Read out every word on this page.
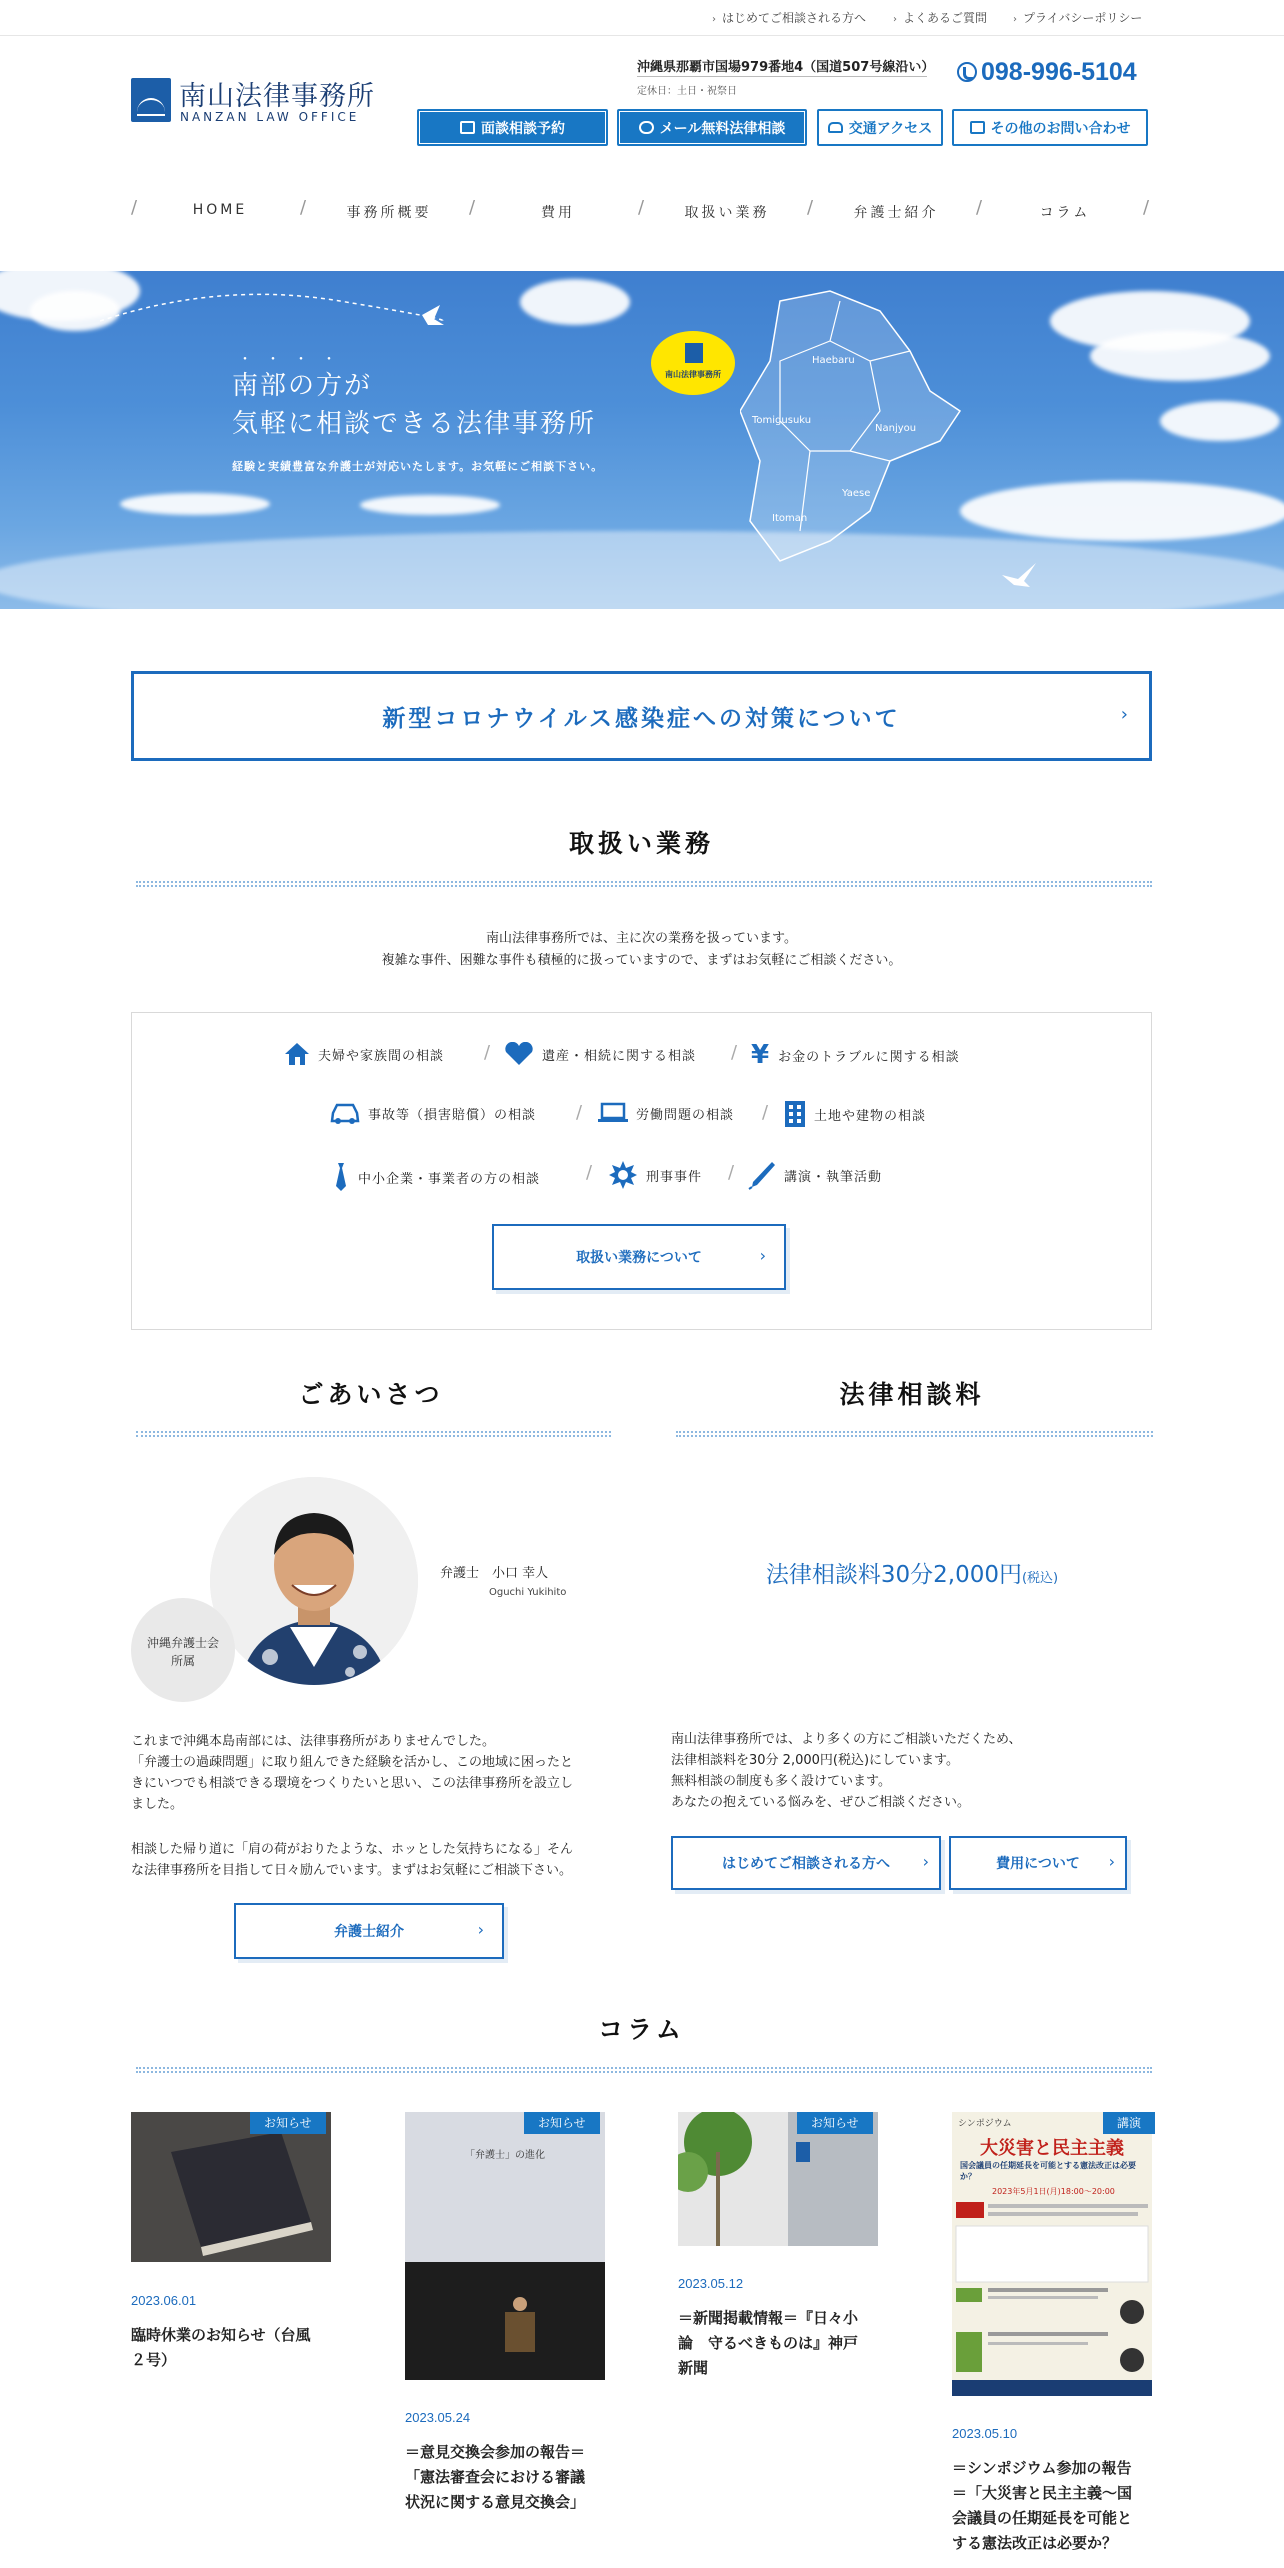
› はじめてご相談される方へ	› よくあるご質問	› プライバシーポリシー
南山法律事務所
NANZAN LAW OFFICE
沖縄県那覇市国場979番地4（国道507号線沿い）
定休日：土日・祝祭日
098-996-5104
面談相談予約	メール無料法律相談	交通アクセス	その他のお問い合わせ
/	HOME	/	事務所概要	/	費用	/	取扱い業務	/	弁護士紹介	/	コラム	/
・・・・
南部の方が
気軽に相談できる法律事務所
経験と実績豊富な弁護士が対応いたします。お気軽にご相談下さい。
Haebaru
Tomigusuku
Nanjyou
Yaese
Itoman
南山法律事務所
新型コロナウイルス感染症への対策について	›
取扱い業務

南山法律事務所では、主に次の業務を扱っています。

複雑な事件、困難な事件も積極的に扱っていますので、まずはお気軽にご相談ください。

夫婦や家族間の相談 /	遺産・相続に関する相談 / ¥ お金のトラブルに関する相談
事故等（損害賠償）の相談 /	労働問題の相談 /	土地や建物の相談
中小企業・事業者の方の相談	/	刑事事件 /	講演・執筆活動
取扱い業務について	›
ごあいさつ
沖縄弁護士会
所属
弁護士　小口 幸人
Oguchi Yukihito

これまで沖縄本島南部には、法律事務所がありませんでした。

「弁護士の過疎問題」に取り組んできた経験を活かし、この地域に困ったと

きにいつでも相談できる環境をつくりたいと思い、この法律事務所を設立し

ました。

相談した帰り道に「肩の荷がおりたような、ホッとした気持ちになる」そん

な法律事務所を目指して日々励んでいます。まずはお気軽にご相談下さい。

弁護士紹介	›
法律相談料
法律相談料30分2,000円(税込)

南山法律事務所では、より多くの方にご相談いただくため、

法律相談料を30分 2,000円(税込)にしています。

無料相談の制度も多く設けています。

あなたの抱えている悩みを、ぜひご相談ください。

はじめてご相談される方へ ›	費用について ›
コラム
お知らせ
2023.06.01
臨時休業のお知らせ（台風
２号）
「弁護士」の進化
お知らせ
2023.05.24
＝意見交換会参加の報告＝
「憲法審査会における審議
状況に関する意見交換会」
お知らせ
2023.05.12
＝新聞掲載情報＝『日々小
論　守るべきものは』神戸
新聞
シンポジウム
大災害と民主主義
国会議員の任期延長を可能とする憲法改正は必要か？
2023年5月1日(月)18:00〜20:00
講演
2023.05.10
＝シンポジウム参加の報告
＝「大災害と民主主義～国
会議員の任期延長を可能と
する憲法改正は必要か？
